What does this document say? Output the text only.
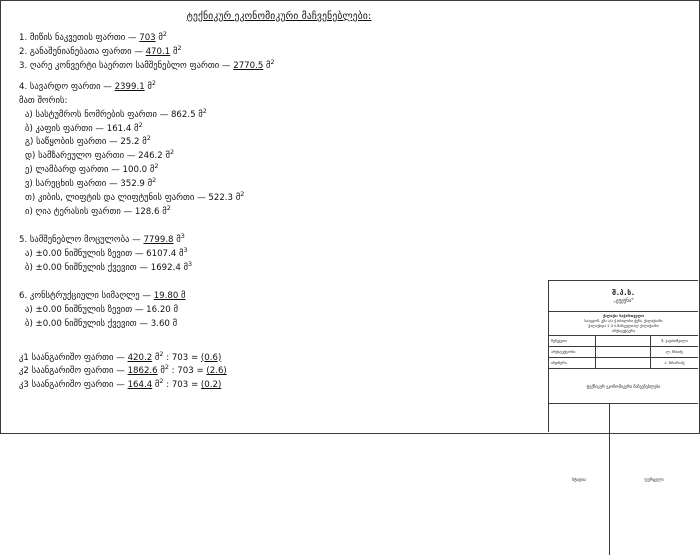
ტექნიკურ ეკონომიკური მაჩვენებლები:
1. მიწის ნაკვეთის ფართი — 703 მ$^2$
2. განაშენიანებათა ფართი — 470.1 მ$^2$
3. ღარე კონვერტი საერთო სამშენებლო ფართი — 2770.5 მ$^2$
4. სავარდო ფართი — 2399.1 მ$^2$
მათ შორის:
ა) სასტუმროს ნომრების ფართი — 862.5 მ$^2$
ბ) კაფის ფართი — 161.4 მ$^2$
გ) საწყობის ფართი — 25.2 მ$^2$
დ) სამზარეულო ფართი — 246.2 მ$^2$
ე) ლამბარდ ფართი — 100.0 მ$^2$
ვ) სარეცხის ფართი — 352.9 მ$^2$
თ) კიბის, ლიფტის და ლიფტუნის ფართი — 522.3 მ$^2$
ი) ღია ტერასის ფართი — 128.6 მ$^2$
5. სამშენებლო მოცულობა — 7799.8 მ$^3$
ა) ±0.00 ნიშნულის ზევით — 6107.4 მ$^3$
ბ) ±0.00 ნიშნულის ქვევით — 1692.4 მ$^3$
6. კონსტრუქციული სიმაღლე — 19.80 მ
ა) ±0.00 ნიშნულის ზევით — 16.20 მ
ბ) ±0.00 ნიშნულის ქვევით — 3.60 მ
კ1 საანგარიშო ფართი — 420.2 მ$^2$ : 703 = (0.6)
კ2 საანგარიშო ფართი — 1862.6 მ$^2$ : 703 = (2.6)
კ3 საანგარიშო ფართი — 164.4 მ$^2$ : 703 = (0.2)
შ.პ.ს.
„ჟუჟუნა"
ქალაქი: საქართველო
საავტომ. გზა ა/ა ქ.თბილისი ქუჩა, ქალაქიანი
ქალაქიდა 2,3 ბ-მარეულიალ ქალაქიანი
არქიტექტურა
შემკვეთი	შ. ჯავახიშვილი
არქიტექტორი	ლ. ჩხაიძე
ინჟინერი	ა. მახარაძე
ტექნიკურ ეკონომიკური მაჩვენებლები
სტადია	ფურცელი
